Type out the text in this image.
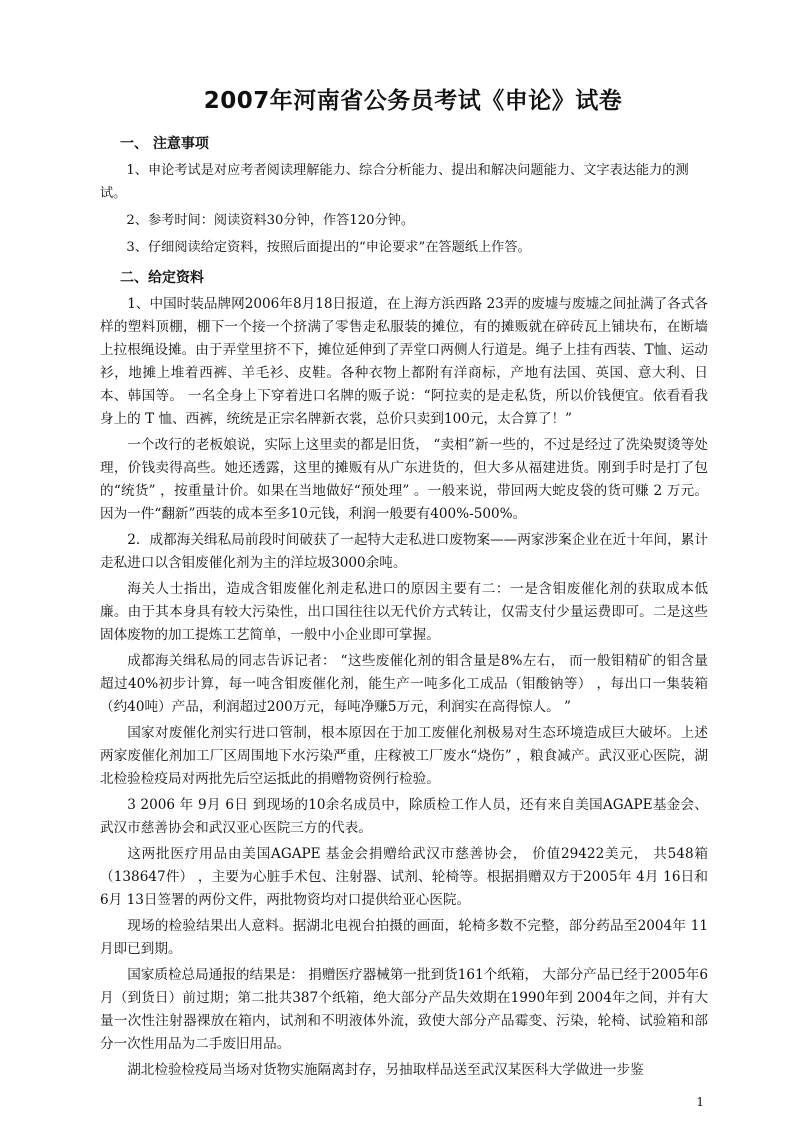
2007年河南省公务员考试《申论》试卷
一、 注意事项

1、申论考试是对应考者阅读理解能力、综合分析能力、提出和解决问题能力、文字表达能力的测试。

2、参考时间：阅读资料30分钟，作答120分钟。

3、仔细阅读给定资料，按照后面提出的“申论要求”在答题纸上作答。

二、给定资料

1、中国时装品牌网2006年8月18日报道，在上海方浜西路 23弄的废墟与废墟之间扯满了各式各样的塑料顶棚，棚下一个接一个挤满了零售走私服装的摊位，有的摊贩就在碎砖瓦上铺块布，在断墙上拉根绳设摊。由于弄堂里挤不下，摊位延伸到了弄堂口两侧人行道是。绳子上挂有西装、T恤、运动衫，地摊上堆着西裤、羊毛衫、皮鞋。各种衣物上都附有洋商标，产地有法国、英国、意大利、日本、韩国等。 一名全身上下穿着进口名牌的贩子说：“阿拉卖的是走私货，所以价钱便宜。依看看我身上的 T 恤、西裤，统统是正宗名牌新衣裳，总价只卖到100元，太合算了！”

一个改行的老板娘说，实际上这里卖的都是旧货， “卖相”新一些的，不过是经过了洗染熨烫等处理，价钱卖得高些。她还透露，这里的摊贩有从广东进货的，但大多从福建进货。刚到手时是打了包的“统货” ，按重量计价。如果在当地做好“预处理” 。一般来说，带回两大蛇皮袋的货可赚 2 万元。因为一件“翻新”西装的成本至多10元钱，利润一般要有400%-500%。

2．成都海关缉私局前段时间破获了一起特大走私进口废物案——两家涉案企业在近十年间，累计走私进口以含钼废催化剂为主的洋垃圾3000余吨。

海关人士指出，造成含钼废催化剂走私进口的原因主要有二：一是含钼废催化剂的获取成本低廉。由于其本身具有较大污染性，出口国往往以无代价方式转让，仅需支付少量运费即可。二是这些固体废物的加工提炼工艺简单，一般中小企业即可掌握。

成都海关缉私局的同志告诉记者： “这些废催化剂的钼含量是8%左右， 而一般钼精矿的钼含量超过40%初步计算，每一吨含钼废催化剂，能生产一吨多化工成品（钼酸钠等） ，每出口一集装箱（约40吨）产品，利润超过200万元，每吨净赚5万元，利润实在高得惊人。 ”

国家对废催化剂实行进口管制，根本原因在于加工废催化剂极易对生态环境造成巨大破坏。上述两家废催化剂加工厂区周围地下水污染严重，庄稼被工厂废水“烧伤” ，粮食减产。武汉亚心医院，湖北检验检疫局对两批先后空运抵此的捐赠物资例行检验。

3 2006 年 9月 6日 到现场的10余名成员中，除质检工作人员，还有来自美国AGAPE基金会、武汉市慈善协会和武汉亚心医院三方的代表。

这两批医疗用品由美国AGAPE 基金会捐赠给武汉市慈善协会， 价值29422美元， 共548箱（138647件） ，主要为心脏手术包、注射器、试剂、轮椅等。根据捐赠双方于2005年 4月 16日和 6月 13日签署的两份文件，两批物资均对口提供给亚心医院。

现场的检验结果出人意料。据湖北电视台拍摄的画面，轮椅多数不完整，部分药品至2004年 11月即已到期。

国家质检总局通报的结果是： 捐赠医疗器械第一批到货161个纸箱， 大部分产品已经于2005年6月（到货日）前过期；第二批共387个纸箱，绝大部分产品失效期在1990年到 2004年之间，并有大量一次性注射器裸放在箱内，试剂和不明液体外流，致使大部分产品霉变、污染，轮椅、试验箱和部分一次性用品为二手废旧用品。

湖北检验检疫局当场对货物实施隔离封存，另抽取样品送至武汉某医科大学做进一步鉴

1
